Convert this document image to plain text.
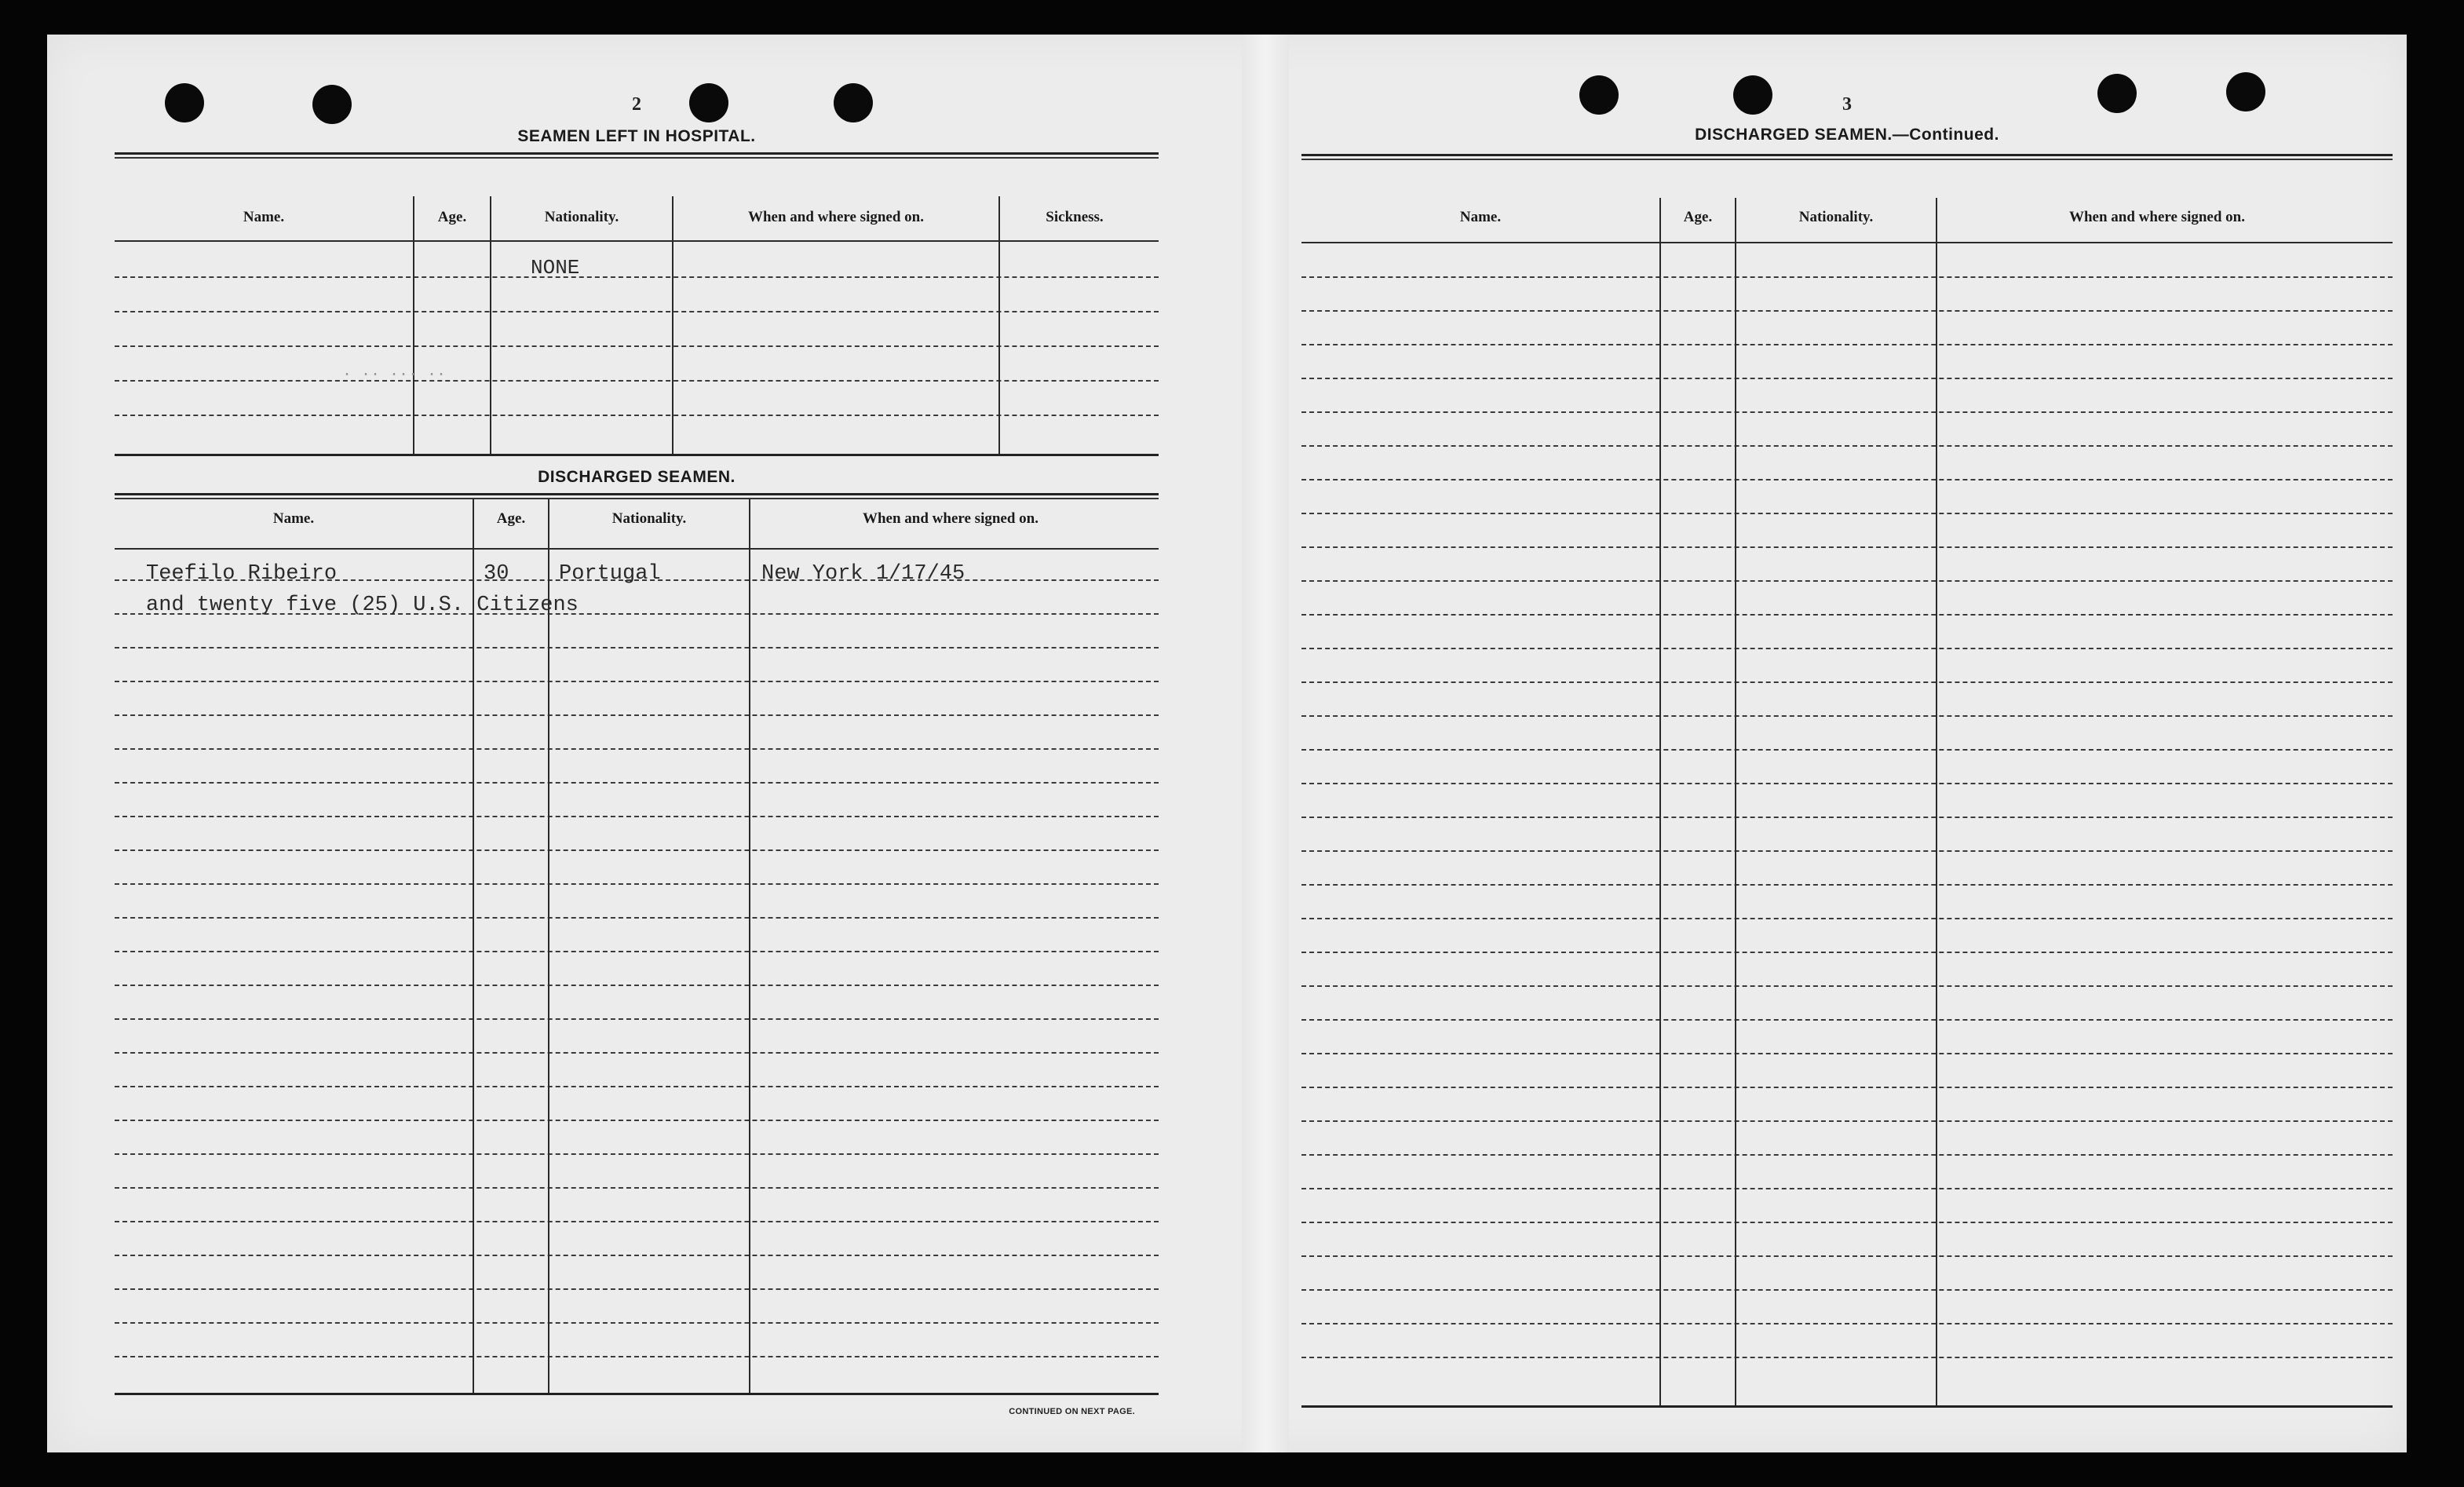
2
SEAMEN LEFT IN HOSPITAL.
Name.	Age.	Nationality.	When and where signed on.	Sickness.
NONE
·· ··· ·· ·
DISCHARGED SEAMEN.
Name.	Age.	Nationality.	When and where signed on.
Teefilo Ribeiro	30 Portugal	New York 1/17/45
and twenty five (25) U.S. Citizens
CONTINUED ON NEXT PAGE.
3
DISCHARGED SEAMEN.—Continued.
Name.	Age.	Nationality.	When and where signed on.
